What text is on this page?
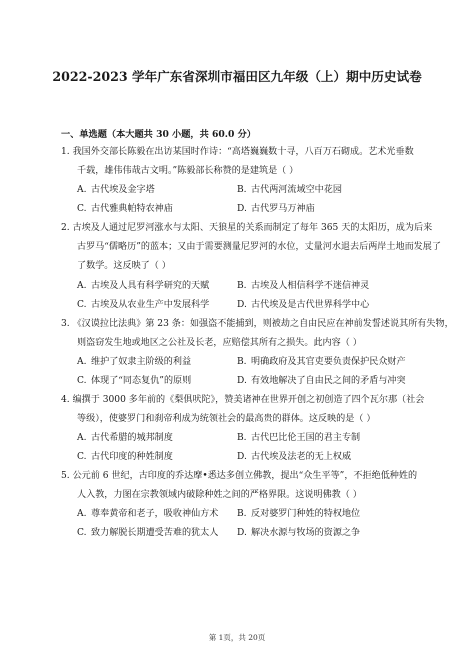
2022-2023 学年广东省深圳市福田区九年级（上）期中历史试卷
一、单选题（本大题共 30 小题，共 60.0 分）
1. 我国外交部长陈毅在出访某国时作诗：“高塔巍巍数十寻，八百万石砌成。艺术光垂数
千载，雄伟伟哉古文明。”陈毅部长称赞的是建筑是（ ）
A. 古代埃及金字塔	B. 古代两河流域空中花园
C. 古代雅典帕特农神庙	D. 古代罗马万神庙
2. 古埃及人通过尼罗河涨水与太阳、天狼星的关系而制定了每年 365 天的太阳历，成为后来
古罗马“儒略历”的蓝本；又由于需要测量尼罗河的水位，丈量河水退去后两岸土地而发展了
了数学。这反映了（ ）
A. 古埃及人具有科学研究的天赋	B. 古埃及人相信科学不迷信神灵
C. 古埃及从农业生产中发展科学	D. 古代埃及是古代世界科学中心
3. 《汉谟拉比法典》第 23 条：如强盗不能捕到，则被劫之自由民应在神前发誓述说其所有失物，
则盗窃发生地或地区之公社及长老，应赔偿其所有之损失。此内容（ ）
A. 维护了奴隶主阶级的利益	B. 明确政府及其官吏要负责保护民众财产
C. 体现了“同态复仇”的原则	D. 有效地解决了自由民之间的矛盾与冲突
4. 编撰于 3000 多年前的《梨俱吠陀》，赞美诸神在世界开创之初创造了四个瓦尔那（社会
等级），使婆罗门和刹帝利成为统领社会的最高贵的群体。这反映的是（ ）
A. 古代希腊的城邦制度	B. 古代巴比伦王国的君主专制
C. 古代印度的种姓制度	D. 古代埃及法老的无上权威
5. 公元前 6 世纪，古印度的乔达摩•悉达多创立佛教，提出“众生平等”，不拒绝低种姓的
人入教，力图在宗教领域内破除种姓之间的严格界限。这说明佛教（ ）
A. 尊奉黄帝和老子，吸收神仙方术 B. 反对婆罗门种姓的特权地位
C. 致力解脱长期遭受苦难的犹太人 D. 解决水源与牧场的资源之争
第 1页，共 20页
